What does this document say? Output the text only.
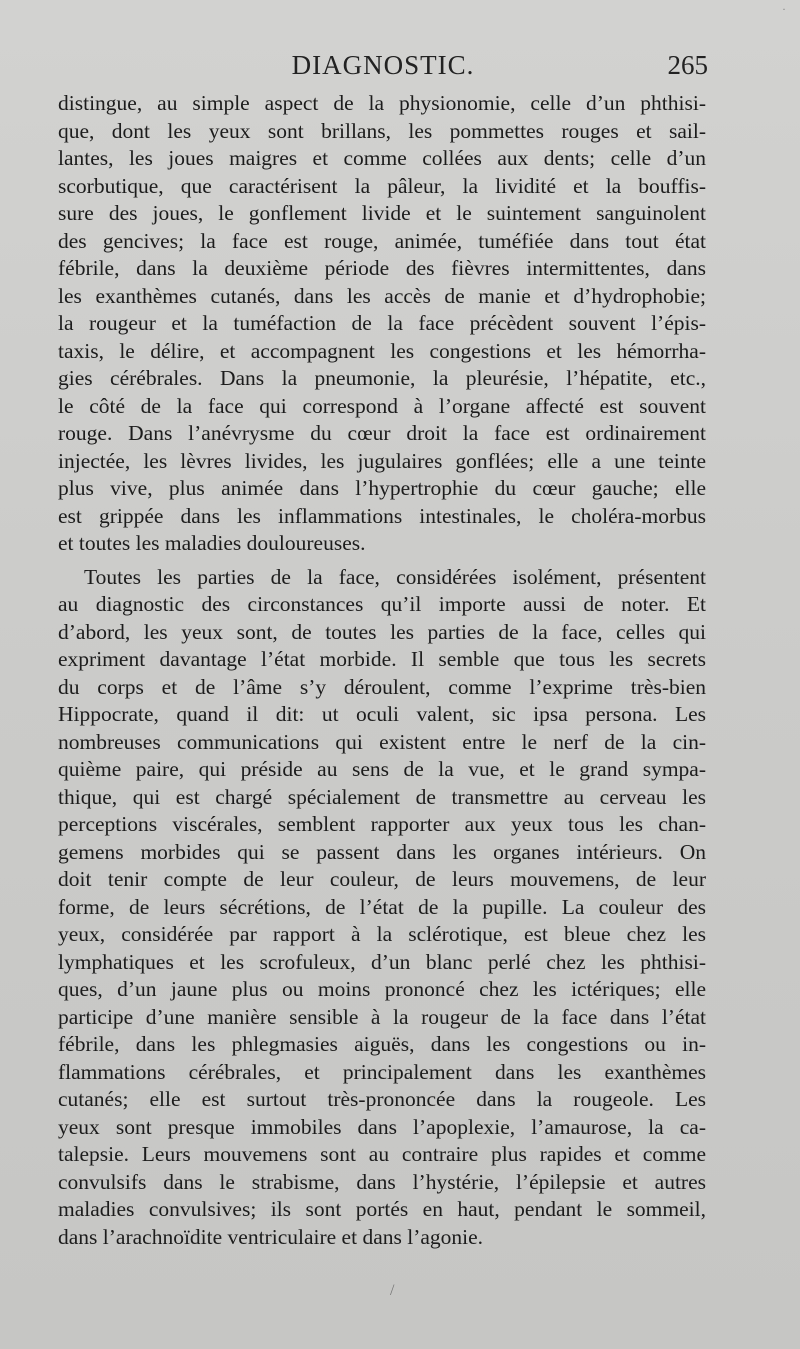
·
DIAGNOSTIC.	265
distingue, au simple aspect de la physionomie, celle d’un phthisi-
que, dont les yeux sont brillans, les pommettes rouges et sail-
lantes, les joues maigres et comme collées aux dents; celle d’un
scorbutique, que caractérisent la pâleur, la lividité et la bouffis-
sure des joues, le gonflement livide et le suintement sanguinolent
des gencives; la face est rouge, animée, tuméfiée dans tout état
fébrile, dans la deuxième période des fièvres intermittentes, dans
les exanthèmes cutanés, dans les accès de manie et d’hydrophobie;
la rougeur et la tuméfaction de la face précèdent souvent l’épis-
taxis, le délire, et accompagnent les congestions et les hémorrha-
gies cérébrales. Dans la pneumonie, la pleurésie, l’hépatite, etc.,
le côté de la face qui correspond à l’organe affecté est souvent
rouge. Dans l’anévrysme du cœur droit la face est ordinairement
injectée, les lèvres livides, les jugulaires gonflées; elle a une teinte
plus vive, plus animée dans l’hypertrophie du cœur gauche; elle
est grippée dans les inflammations intestinales, le choléra-morbus
et toutes les maladies douloureuses.
Toutes les parties de la face, considérées isolément, présentent
au diagnostic des circonstances qu’il importe aussi de noter. Et
d’abord, les yeux sont, de toutes les parties de la face, celles qui
expriment davantage l’état morbide. Il semble que tous les secrets
du corps et de l’âme s’y déroulent, comme l’exprime très-bien
Hippocrate, quand il dit: ut oculi valent, sic ipsa persona. Les
nombreuses communications qui existent entre le nerf de la cin-
quième paire, qui préside au sens de la vue, et le grand sympa-
thique, qui est chargé spécialement de transmettre au cerveau les
perceptions viscérales, semblent rapporter aux yeux tous les chan-
gemens morbides qui se passent dans les organes intérieurs. On
doit tenir compte de leur couleur, de leurs mouvemens, de leur
forme, de leurs sécrétions, de l’état de la pupille. La couleur des
yeux, considérée par rapport à la sclérotique, est bleue chez les
lymphatiques et les scrofuleux, d’un blanc perlé chez les phthisi-
ques, d’un jaune plus ou moins prononcé chez les ictériques; elle
participe d’une manière sensible à la rougeur de la face dans l’état
fébrile, dans les phlegmasies aiguës, dans les congestions ou in-
flammations cérébrales, et principalement dans les exanthèmes
cutanés; elle est surtout très-prononcée dans la rougeole. Les
yeux sont presque immobiles dans l’apoplexie, l’amaurose, la ca-
talepsie. Leurs mouvemens sont au contraire plus rapides et comme
convulsifs dans le strabisme, dans l’hystérie, l’épilepsie et autres
maladies convulsives; ils sont portés en haut, pendant le sommeil,
dans l’arachnoïdite ventriculaire et dans l’agonie.
/
